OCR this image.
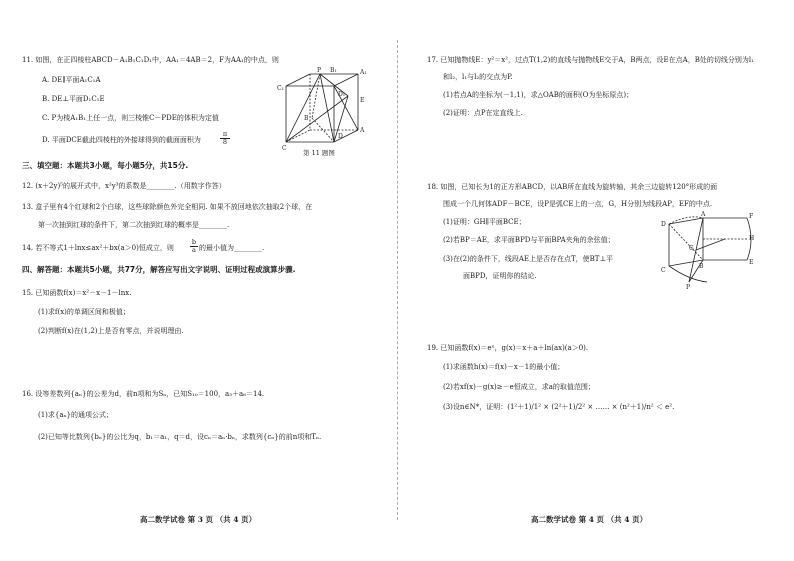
11. 如图，在正四棱柱ABCD－A₁B₁C₁D₁中，AA₁＝4AB＝2，F为AA₁的中点，则
A. DE∥平面A₁C₁A
B. DE⊥平面D₁C₁E
C. P为棱A₁B₁上任一点，则三棱锥C－PDE的体积为定值
D. 平面DCE截此四棱柱的外接球得到的截面面积为	$\frac{\pi}{8}$
C₁
P B₁	A₁
D₁
E
D
B
A
C
第 11 题图
三、填空题：本题共3小题，每小题5分，共15分.
12. (x＋2y)⁵的展开式中，x²y³的系数是________.（用数字作答）
13. 盒子里有4个红球和2个白球，这些球除颜色外完全相同. 如果不放回地依次抽取2个球，在
第一次抽到红球的条件下，第二次抽到红球的概率是________.
14. 若不等式1＋lnx≤ax²＋bx(a＞0)恒成立，则 $\frac{b}{a}$ 的最小值为________.
四、解答题：本题共5小题，共77分，解答应写出文字说明、证明过程或演算步骤.
15. 已知函数f(x)＝x²－x－1－lnx.
(1)求f(x)的单调区间和极值；
(2)判断f(x)在(1,2)上是否有零点，并说明理由.
16. 设等差数列{aₙ}的公差为d，前n项和为Sₙ，已知S₁₀＝100，a₃＋a₆＝14.
(1)求{aₙ}的通项公式；
(2)已知等比数列{bₙ}的公比为q，b₁＝a₁，q＝d，设cₙ＝aₙ·bₙ，求数列{cₙ}的前n项和Tₙ.
高二数学试卷 第 3 页 （共 4 页）
17. 已知抛物线E：y²＝x²，过点T(1,2)的直线与抛物线E交于A，B两点，设E在点A，B处的切线分别为l₁
和l₂，l₁与l₂的交点为P.
(1)若点A的坐标为(－1,1)，求△OAB的面积(O为坐标原点)；
(2)证明：点P在定直线上.
18. 如图，已知长为1的正方形ABCD，以AB所在直线为旋转轴，其余三边旋转120°形成的面
围成一个几何体ADF－BCE，设P是弧CE上的一点，G，H分别为线段AP，EF的中点.
(1)证明：GH∥平面BCE；
(2)若BP＝AE，求平面BPD与平面BPA夹角的余弦值；
(3)在(2)的条件下，线段AE上是否存在点T，使BT⊥平
面BPD，证明你的结论.
D
A	F
H
G
C
B
E
P
19. 已知函数f(x)＝eˣ，g(x)＝x＋a＋ln(ax)(a＞0).
(1)求函数h(x)＝f(x)－x－1的最小值；
(2)若xf(x)－g(x)≥－e恒成立，求a的取值范围；
(3)设n∈N*，证明：(1²＋1)/1² × (2²＋1)/2² × …… × (n²＋1)/n² ＜ e².
高二数学试卷 第 4 页 （共 4 页）
